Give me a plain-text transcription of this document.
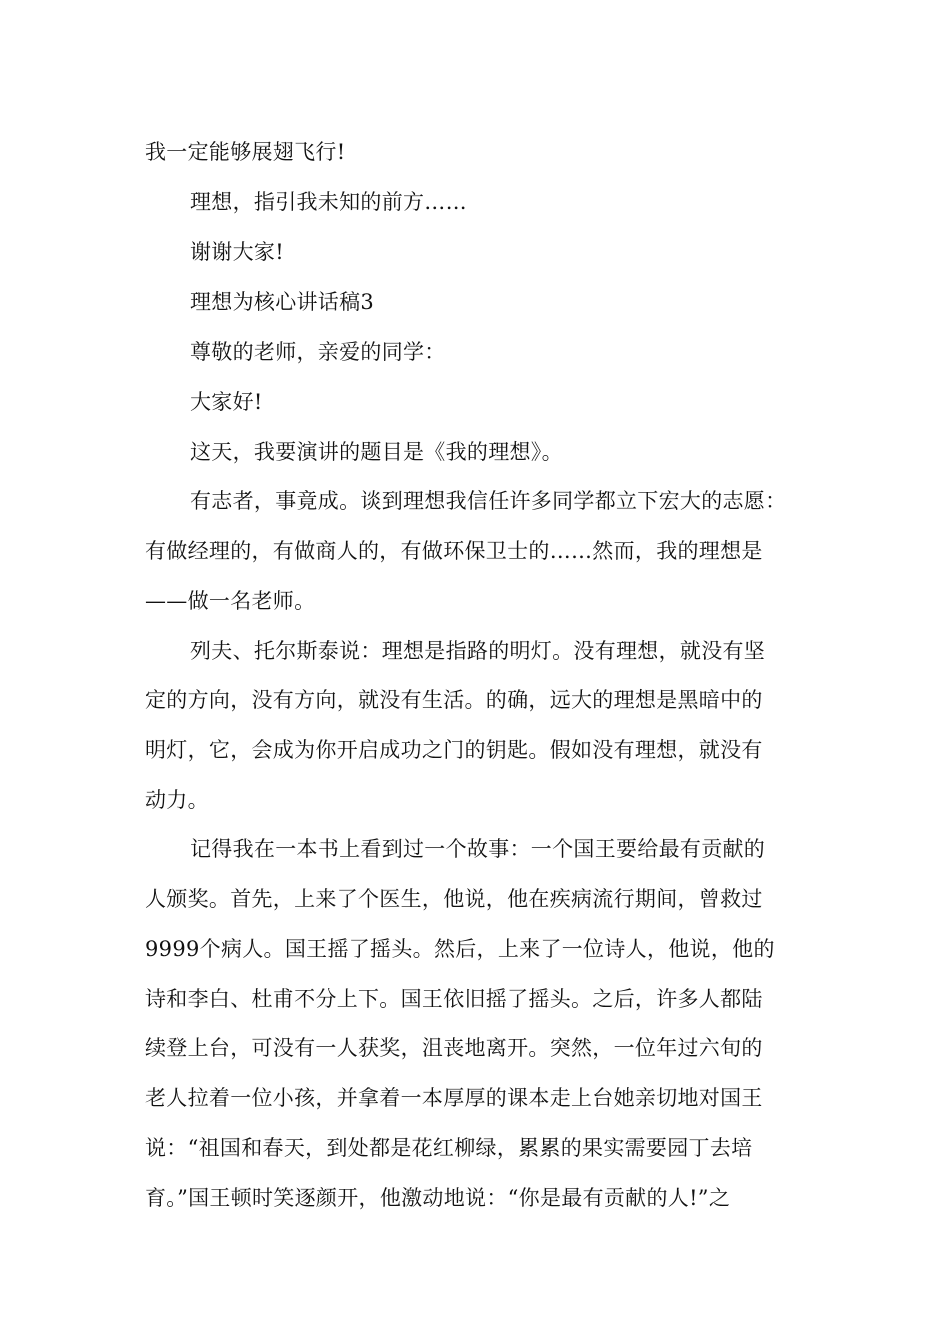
我一定能够展翅飞行!
理想，指引我未知的前方……
谢谢大家!
理想为核心讲话稿3
尊敬的老师，亲爱的同学：
大家好!
这天，我要演讲的题目是《我的理想》。
有志者，事竟成。谈到理想我信任许多同学都立下宏大的志愿：
有做经理的，有做商人的，有做环保卫士的……然而，我的理想是
——做一名老师。
列夫、托尔斯泰说：理想是指路的明灯。没有理想，就没有坚
定的方向，没有方向，就没有生活。的确，远大的理想是黑暗中的
明灯，它，会成为你开启成功之门的钥匙。假如没有理想，就没有
动力。
记得我在一本书上看到过一个故事：一个国王要给最有贡献的
人颁奖。首先，上来了个医生，他说，他在疾病流行期间，曾救过
9999个病人。国王摇了摇头。然后，上来了一位诗人，他说，他的
诗和李白、杜甫不分上下。国王依旧摇了摇头。之后，许多人都陆
续登上台，可没有一人获奖，沮丧地离开。突然，一位年过六旬的
老人拉着一位小孩，并拿着一本厚厚的课本走上台她亲切地对国王
说：“祖国和春天，到处都是花红柳绿，累累的果实需要园丁去培
育。”国王顿时笑逐颜开，他激动地说：“你是最有贡献的人!”之
